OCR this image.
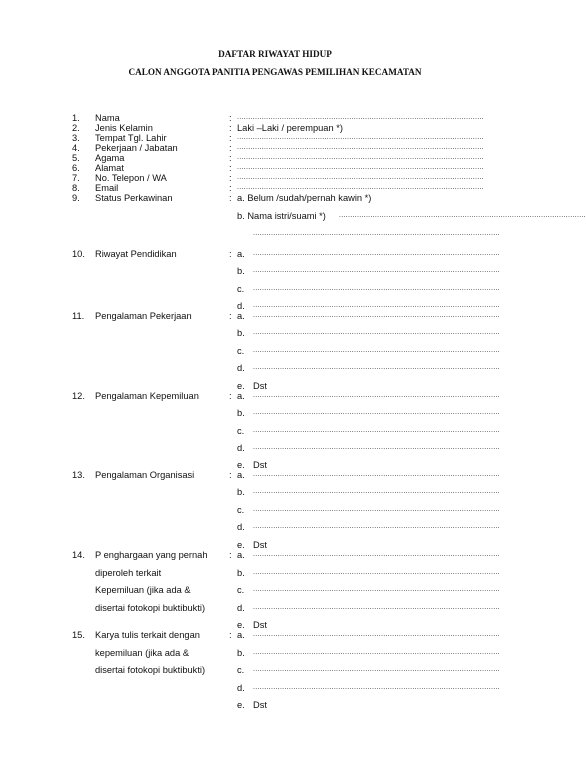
DAFTAR RIWAYAT HIDUP
CALON ANGGOTA PANITIA PENGAWAS PEMILIHAN KECAMATAN
1. Nama	: ..............................................................................................................
2. Jenis Kelamin	: Laki –Laki / perempuan *)
3. Tempat Tgl. Lahir	: ..............................................................................................................
4. Pekerjaan / Jabatan	: ..............................................................................................................
5. Agama	: ..............................................................................................................
6. Alamat	: ..............................................................................................................
7. No. Telepon / WA	: ..............................................................................................................
8. Email	: ..............................................................................................................
9. Status Perkawinan	: a. Belum /sudah/pernah kawin *)
b. Nama istri/suami *) ..............................................................................................................
..............................................................................................................
10. Riwayat Pendidikan	: a. ..............................................................................................................
b. ..............................................................................................................
c. ..............................................................................................................
d. ..............................................................................................................
11. Pengalaman Pekerjaan	: a. ..............................................................................................................
b. ..............................................................................................................
c. ..............................................................................................................
d. ..............................................................................................................
e. Dst
12. Pengalaman Kepemiluan	: a. ..............................................................................................................
b. ..............................................................................................................
c. ..............................................................................................................
d. ..............................................................................................................
e. Dst
13. Pengalaman Organisasi	: a. ..............................................................................................................
b. ..............................................................................................................
c. ..............................................................................................................
d. ..............................................................................................................
e. Dst
14. P enghargaan yang pernah : a. ..............................................................................................................
diperoleh terkait	b. ..............................................................................................................
Kepemiluan (jika ada &	c. ..............................................................................................................
disertai fotokopi buktibukti)	d. ..............................................................................................................
e. Dst
15. Karya tulis terkait dengan	: a. ..............................................................................................................
kepemiluan (jika ada &	b. ..............................................................................................................
disertai fotokopi buktibukti)	c. ..............................................................................................................
d. ..............................................................................................................
e. Dst
